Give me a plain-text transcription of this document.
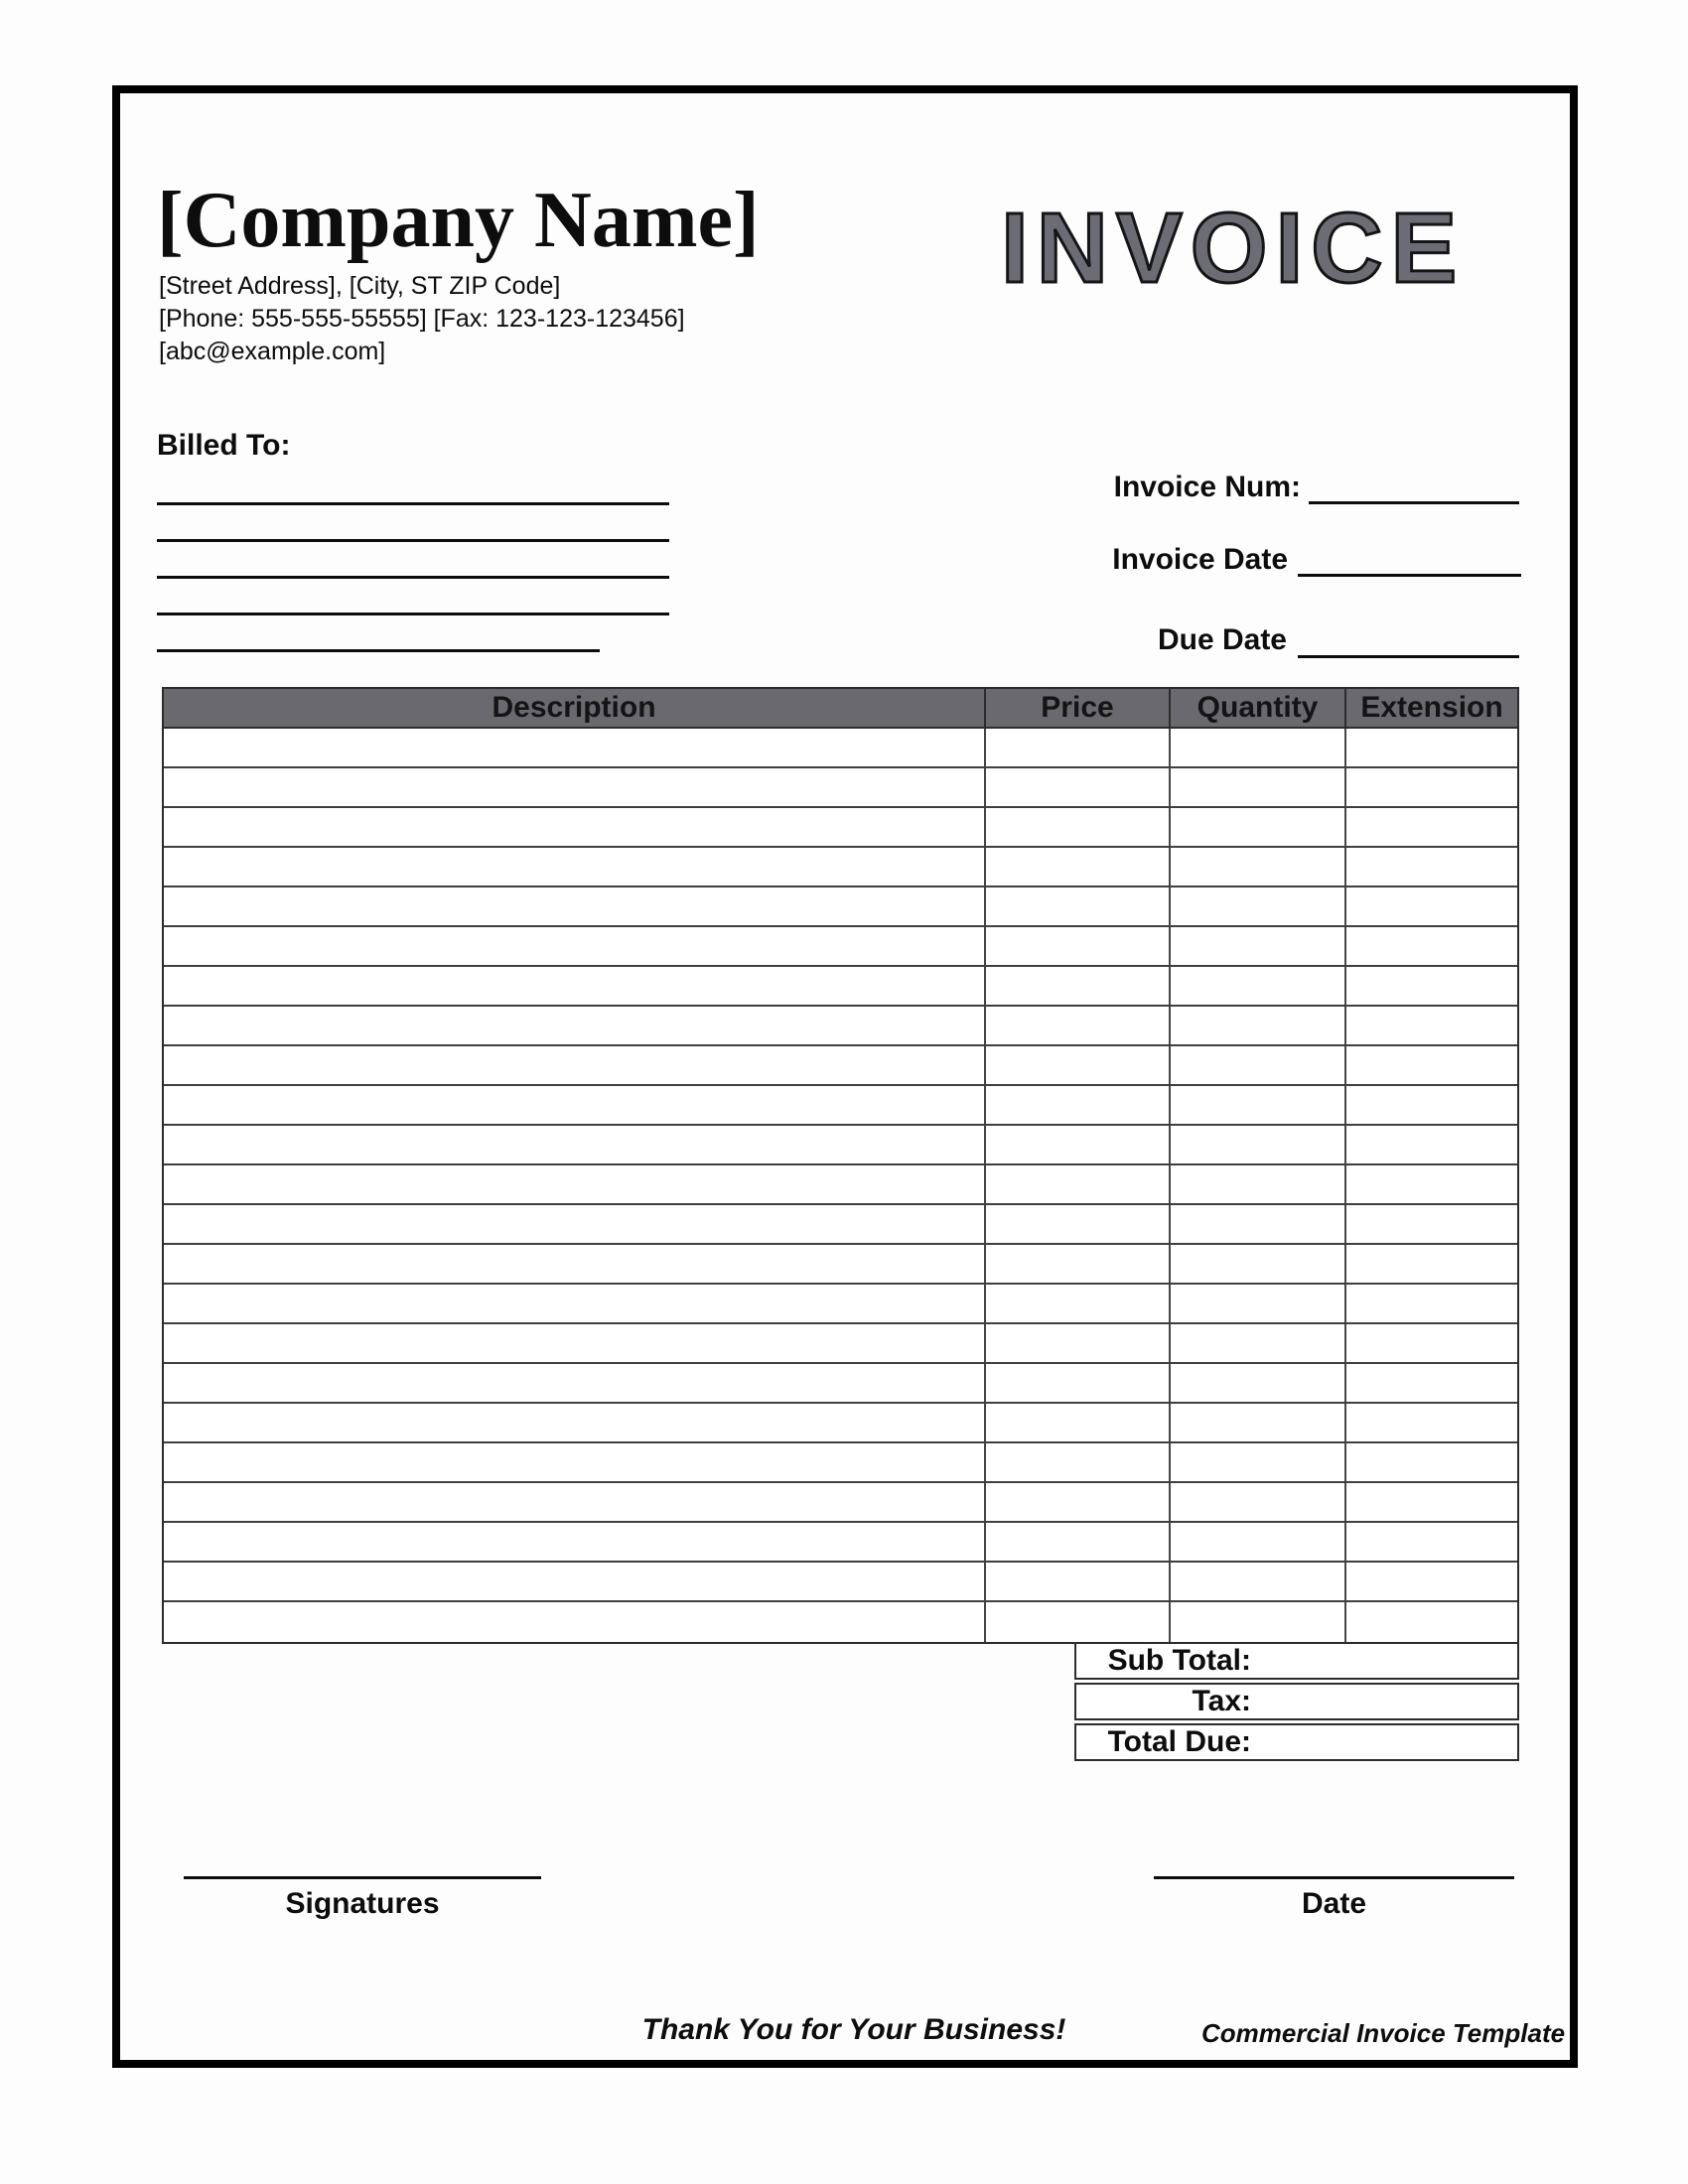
[Company Name]
[Street Address], [City, ST ZIP Code]
[Phone: 555-555-55555] [Fax: 123-123-123456]
[abc@example.com]
INVOICE
Billed To:
Invoice Num:
Invoice Date
Due Date
Description	Price	Quantity	Extension
Sub Total:
Tax:
Total Due:
Signatures	Date
Thank You for Your Business!	Commercial Invoice Template
